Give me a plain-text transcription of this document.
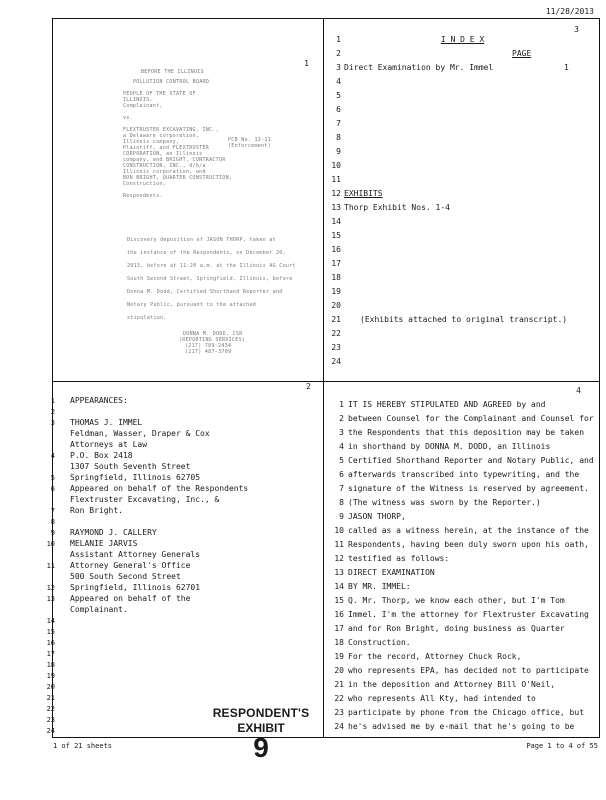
11/28/2013
1
BEFORE THE ILLINOIS
POLLUTION CONTROL BOARD
PEOPLE OF THE STATE OF
ILLINOIS,
Complainant,
vs.
FLEXTRUSTER EXCAVATING, INC.,
a Delaware corporation,
Illinois company,
Plaintiff, and FLEXTRUSTER
CORPORATION, an Illinois
company, and BRIGHT, CONTRACTOR
CONSTRUCTION, INC., d/b/a
Illinois corporation, and
BON BRIGHT, QUARTER CONSTRUCTION,
Construction,
Respondents.
PCB No. 12-11
(Enforcement)
Discovery deposition of JASON THORP, taken at
the instance of the Respondents, on December 20,
2013, before at 11:20 a.m. at the Illinois AG Court
South Second Street, Springfield, Illinois, before
Donna M. Dodd, Certified Shorthand Reporter and
Notary Public, pursuant to the attached
stipulation.
DONNA M. DODD, CSR
(REPORTING SERVICES)
(217) 789-2434
(217) 487-3709
3
1
2
3
4
5
6
7
8
9
10
11
12
13
14
15
16
17
18
19
20
21
22
23
24
I N D E X
PAGE
Direct Examination by Mr. Immel	1
EXHIBITS
Thorp Exhibit Nos. 1-4
(Exhibits attached to original transcript.)
2
1 APPEARANCES:
2
3 THOMAS J. IMMEL
Feldman, Wasser, Draper & Cox
Attorneys at Law
4 P.O. Box 2418
1307 South Seventh Street
5 Springfield, Illinois 62705
6 Appeared on behalf of the Respondents
Flextruster Excavating, Inc., &
7 Ron Bright.
8
9 RAYMOND J. CALLERY
10 MELANIE JARVIS
Assistant Attorney Generals
11 Attorney General's Office
500 South Second Street
12 Springfield, Illinois 62701
13 Appeared on behalf of the
Complainant.
14
15
16
17
18
19
20
21
22
23
24
4
1 IT IS HEREBY STIPULATED AND AGREED by and
2 between Counsel for the Complainant and Counsel for
3 the Respondents that this deposition may be taken
4 in shorthand by DONNA M. DODD, an Illinois
5 Certified Shorthand Reporter and Notary Public, and
6 afterwards transcribed into typewriting, and the
7 signature of the Witness is reserved by agreement.
8 (The witness was sworn by the Reporter.)
9 JASON THORP,
10 called as a witness herein, at the instance of the
11 Respondents, having been duly sworn upon his oath,
12 testified as follows:
13 DIRECT EXAMINATION
14 BY MR. IMMEL:
15 Q. Mr. Thorp, we know each other, but I'm Tom
16 Immel. I'm the attorney for Flextruster Excavating
17 and for Ron Bright, doing business as Quarter
18 Construction.
19 For the record, Attorney Chuck Rock,
20 who represents EPA, has decided not to participate
21 in the deposition and Attorney Bill O'Neil,
22 who represents All Kty, had intended to
23 participate by phone from the Chicago office, but
24 he's advised me by e-mail that he's going to be
1 of 21 sheets	Page 1 to 4 of 55
RESPONDENT'S
EXHIBIT
9
